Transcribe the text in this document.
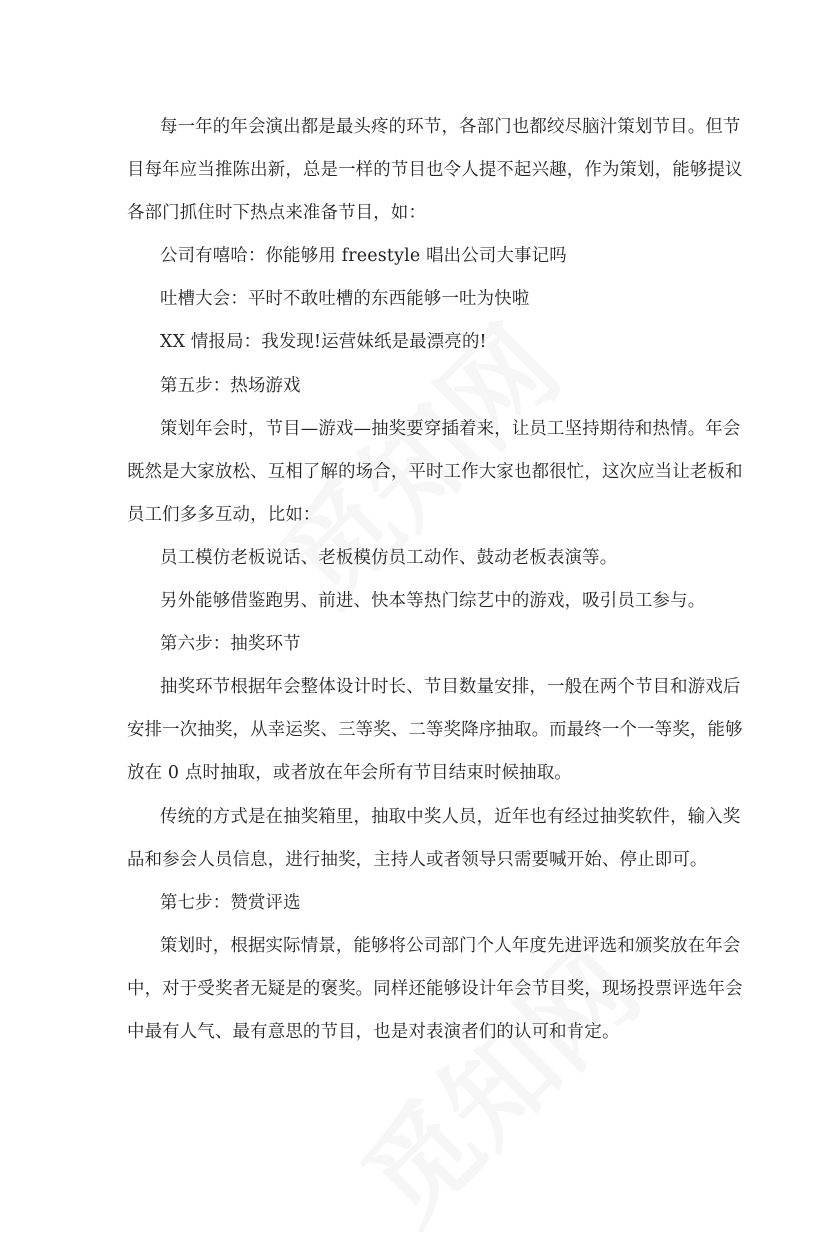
每一年的年会演出都是最头疼的环节，各部门也都绞尽脑汁策划节目。但节
目每年应当推陈出新，总是一样的节目也令人提不起兴趣，作为策划，能够提议
各部门抓住时下热点来准备节目，如：
公司有嘻哈：你能够用 freestyle 唱出公司大事记吗
吐槽大会：平时不敢吐槽的东西能够一吐为快啦
XX 情报局：我发现!运营妹纸是最漂亮的!
第五步：热场游戏
策划年会时，节目—游戏—抽奖要穿插着来，让员工坚持期待和热情。年会
既然是大家放松、互相了解的场合，平时工作大家也都很忙，这次应当让老板和
员工们多多互动，比如：
员工模仿老板说话、老板模仿员工动作、鼓动老板表演等。
另外能够借鉴跑男、前进、快本等热门综艺中的游戏，吸引员工参与。
第六步：抽奖环节
抽奖环节根据年会整体设计时长、节目数量安排，一般在两个节目和游戏后
安排一次抽奖，从幸运奖、三等奖、二等奖降序抽取。而最终一个一等奖，能够
放在 0 点时抽取，或者放在年会所有节目结束时候抽取。
传统的方式是在抽奖箱里，抽取中奖人员，近年也有经过抽奖软件，输入奖
品和参会人员信息，进行抽奖，主持人或者领导只需要喊开始、停止即可。
第七步：赞赏评选
策划时，根据实际情景，能够将公司部门个人年度先进评选和颁奖放在年会
中，对于受奖者无疑是的褒奖。同样还能够设计年会节目奖，现场投票评选年会
中最有人气、最有意思的节目，也是对表演者们的认可和肯定。
